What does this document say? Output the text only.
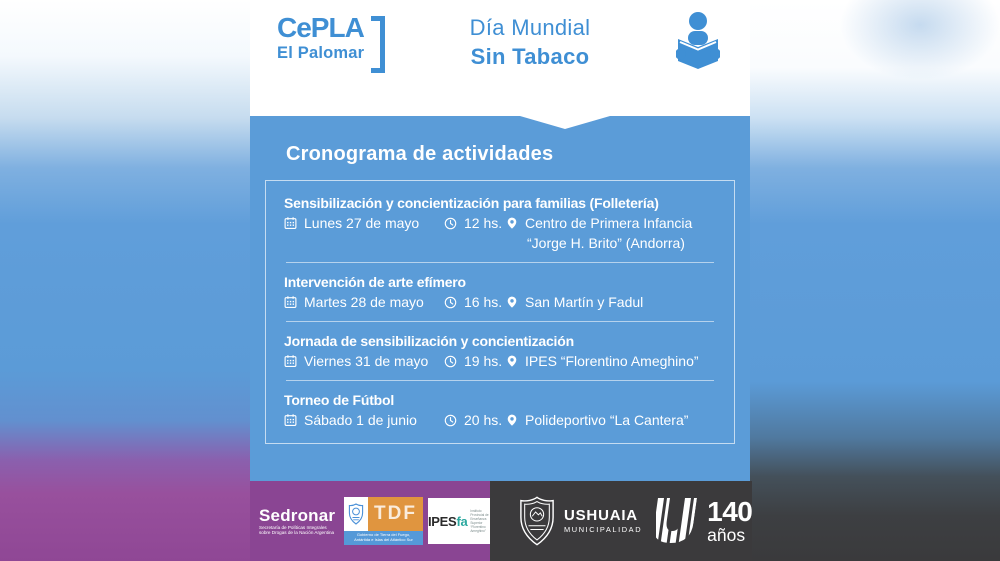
CePLA
El Palomar
Día Mundial
Sin Tabaco
Cronograma de actividades
Sensibilización y concientización para familias (Folletería)
Lunes 27 de mayo	12 hs. Centro de Primera Infancia
“Jorge H. Brito” (Andorra)
Intervención de arte efímero
Martes 28 de mayo	16 hs. San Martín y Fadul
Jornada de sensibilización y concientización
Viernes 31 de mayo	19 hs. IPES “Florentino Ameghino”
Torneo de Fútbol
Sábado 1 de junio	20 hs. Polideportivo “La Cantera”
Sedronar
Secretaría de Políticas Integrales
sobre Drogas de la Nación Argentina
TDF
Gobierno de Tierra del Fuego,
Antártida e Islas del Atlántico Sur
IPESfa
Instituto Provincial de Enseñanza Superior “Florentino Ameghino”
USHUAIA
MUNICIPALIDAD
140
años
